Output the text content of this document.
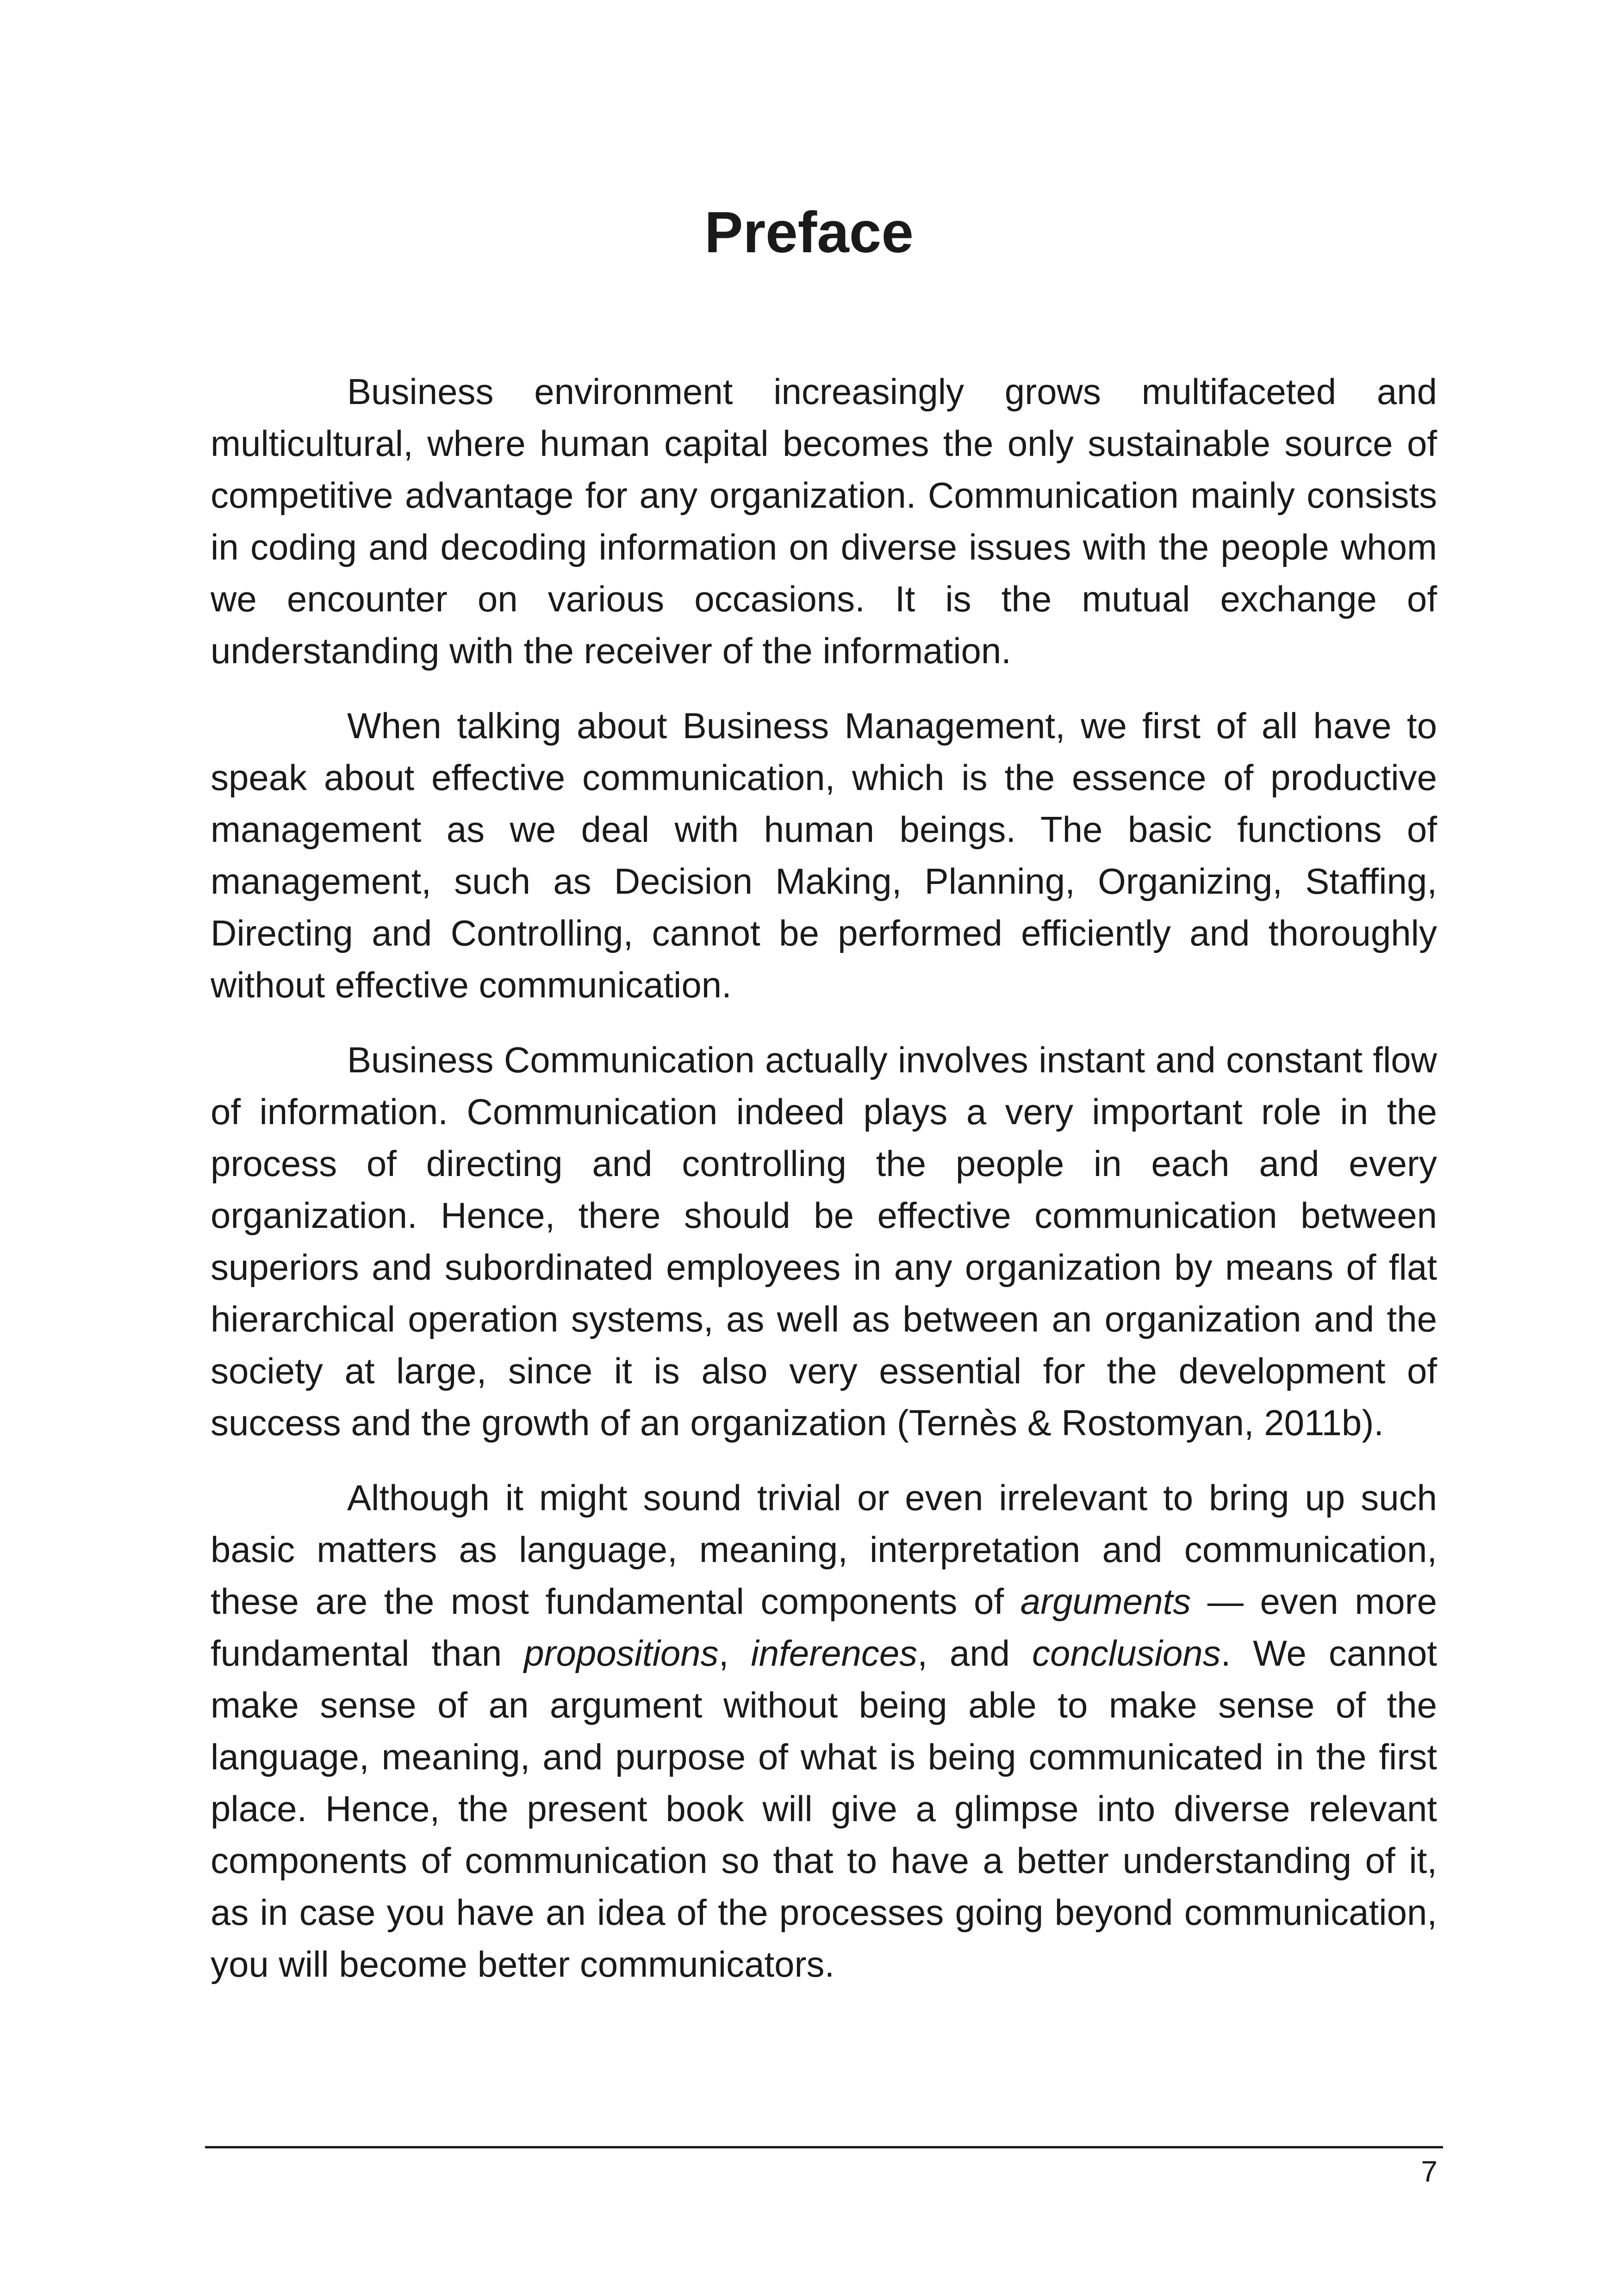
Preface

Business environment increasingly grows multifaceted and multicultural, where human capital becomes the only sustainable source of competitive advantage for any organization. Communication mainly consists in coding and decoding information on diverse issues with the people whom we encounter on various occasions. It is the mutual exchange of understanding with the receiver of the information.

When talking about Business Management, we first of all have to speak about effective communication, which is the essence of productive management as we deal with human beings. The basic functions of management, such as Decision Making, Planning, Organizing, Staffing, Directing and Controlling, cannot be performed efficiently and thoroughly without effective communication.

Business Communication actually involves instant and constant flow of information. Communication indeed plays a very important role in the process of directing and controlling the people in each and every organization. Hence, there should be effective communication between superiors and subordinated employees in any organization by means of flat hierarchical operation systems, as well as between an organization and the society at large, since it is also very essential for the development of success and the growth of an organization (Ternès & Rostomyan, 2011b).

Although it might sound trivial or even irrelevant to bring up such basic matters as language, meaning, interpretation and communication, these are the most fundamental components of arguments — even more fundamental than propositions, inferences, and conclusions. We cannot make sense of an argument without being able to make sense of the language, meaning, and purpose of what is being communicated in the first place. Hence, the present book will give a glimpse into diverse relevant components of communication so that to have a better understanding of it, as in case you have an idea of the processes going beyond communication, you will become better communicators.

7
